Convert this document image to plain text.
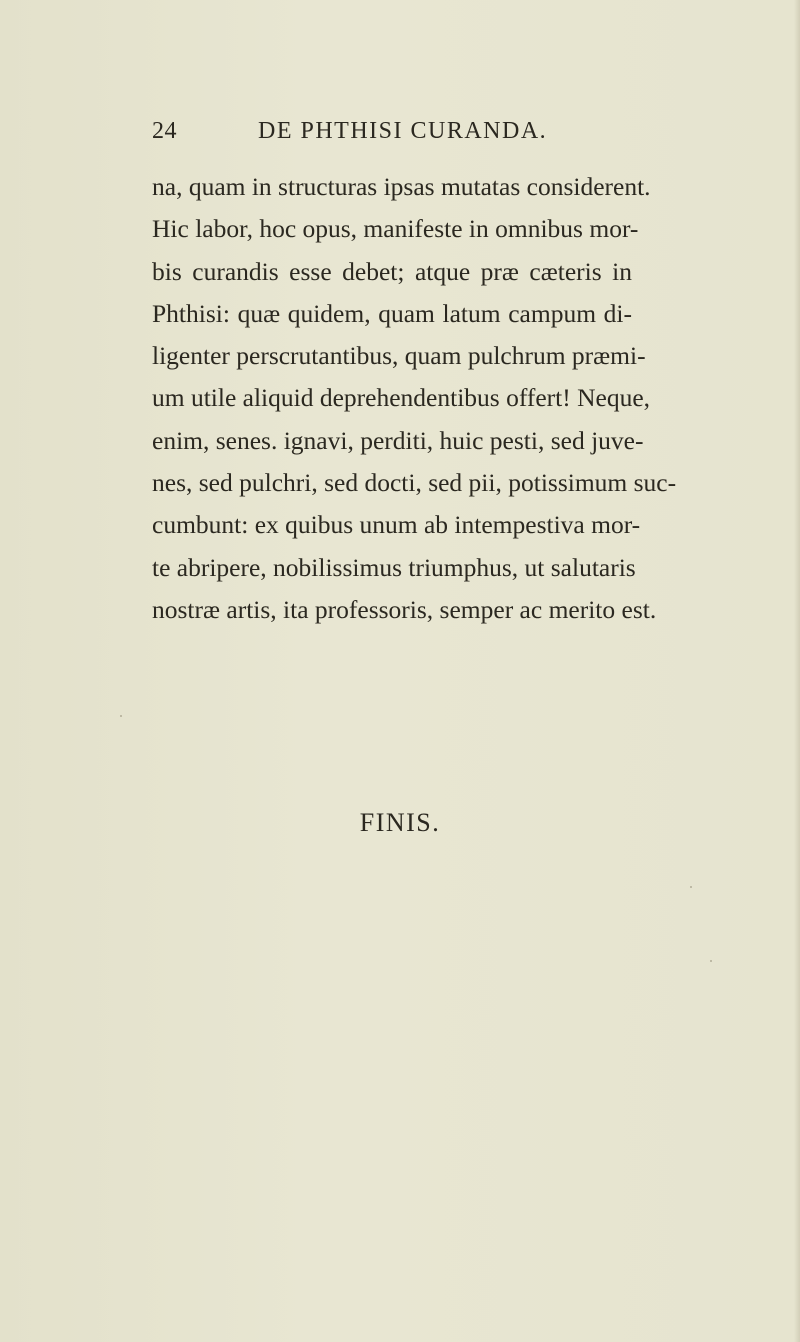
24	DE PHTHISI CURANDA.
na, quam in structuras ipsas mutatas considerent.
Hic labor, hoc opus, manifeste in omnibus mor-
bis curandis esse debet; atque præ cæteris in
Phthisi: quæ quidem, quam latum campum di-
ligenter perscrutantibus, quam pulchrum præmi-
um utile aliquid deprehendentibus offert! Neque,
enim, senes. ignavi, perditi, huic pesti, sed juve-
nes, sed pulchri, sed docti, sed pii, potissimum suc-
cumbunt: ex quibus unum ab intempestiva mor-
te abripere, nobilissimus triumphus, ut salutaris
nostræ artis, ita professoris, semper ac merito est.
FINIS.
